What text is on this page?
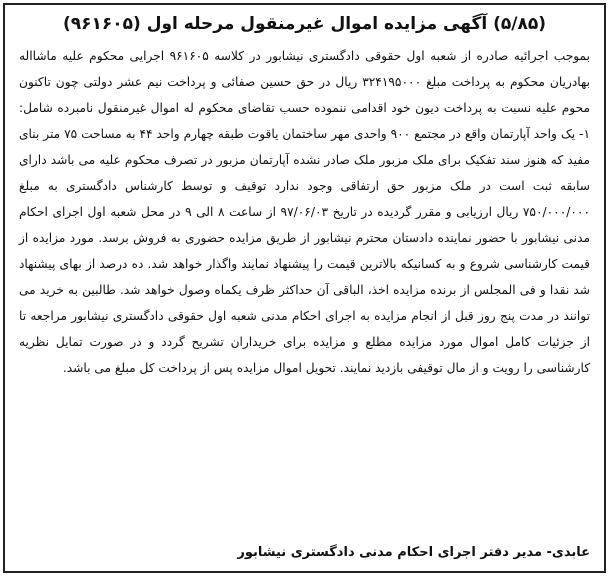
(۵/۸۵) آگهی مزایده اموال غیرمنقول مرحله اول (۹۶۱۶۰۵)
بموجب اجرائیه صادره از شعبه اول حقوقی دادگستری نیشابور در کلاسه ۹۶۱۶۰۵ اجرایی محکوم علیه ماشااله بهادریان محکوم به پرداخت مبلغ ۳۲۴۱۹۵۰۰۰ ریال در حق حسین صفائی و پرداخت نیم عشر دولتی چون تاکنون محوم علیه نسبت به پرداخت دیون خود اقدامی ننموده حسب تقاضای محکوم له اموال غیرمنقول نامبرده شامل: ۱- یک واحد آپارتمان واقع در مجتمع ۹۰۰ واحدی مهر ساختمان یاقوت طبقه چهارم واحد ۴۴ به مساحت ۷۵ متر بنای مفید که هنوز سند تفکیک برای ملک مزبور ملک صادر نشده آپارتمان مزبور در تصرف محکوم علیه می باشد دارای سابقه ثبت است در ملک مزبور حق ارتفاقی وجود ندارد توقیف و توسط کارشناس دادگستری به مبلغ ۷۵۰/۰۰۰/۰۰۰ ریال ارزیابی و مقرر گردیده در تاریخ ۹۷/۰۶/۰۳ از ساعت ۸ الی ۹ در محل شعبه اول اجرای احکام مدنی نیشابور با حضور نماینده دادستان محترم نیشابور از طریق مزایده حضوری به فروش برسد. مورد مزایده از قیمت کارشناسی شروع و به کسانیکه بالاترین قیمت را پیشنهاد نمایند واگذار خواهد شد. ده درصد از بهای پیشنهاد شد نقدا و فی المجلس از برنده مزایده اخذ، الباقی آن حداکثر ظرف یکماه وصول خواهد شد. طالبین به خرید می توانند در مدت پنج روز قبل از انجام مزایده به اجرای احکام مدنی شعبه اول حقوقی دادگستری نیشابور مراجعه تا از جزئیات کامل اموال مورد مزایده مطلع و مزایده برای خریداران تشریح گردد و در صورت تمایل نظریه کارشناسی را رویت و از مال توقیفی بازدید نمایند. تحویل اموال مزایده پس از پرداخت کل مبلغ می باشد.
عابدی- مدیر دفتر اجرای احکام مدنی دادگستری نیشابور
